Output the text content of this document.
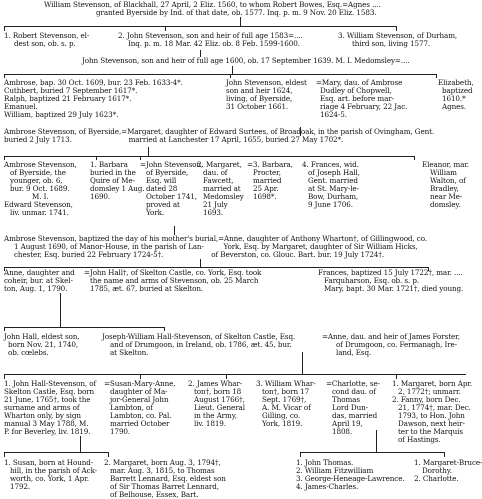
William Stevenson, of Blackhall, 27 April, 2 Eliz. 1560, to whom Robert Bowes, Esq.=Agnes ....
granted Byerside by Ind. of that date, ob. 1577. Inq. p. m. 9 Nov. 20 Eliz. 1583.
1. Robert Stevenson, el-
dest son, ob. s. p.
2. John Stevenson, son and heir of full age 1583=....
Inq. p. m. 18 Mar. 42 Eliz. ob. 8 Feb. 1599-1600.
3. William Stevenson, of Durham,
third son, living 1577.
John Stevenson, son and heir of full age 1600, ob. 17 September 1639. M. I. Medomsley=....
Ambrose, bap. 30 Oct. 1609, bur. 23 Feb. 1633-4*.
Cuthbert, buried 7 September 1617*.
Ralph, baptized 21 February 1617*.
Emanuel.
William, baptized 29 July 1623*.
John Stevenson, eldest
son and heir 1624,
living, of Byerside,
31 October 1661.
=Mary, dau. of Ambrose
Dudley of Chopwell,
Esq. art. before mar-
riage 4 February, 22 Jac.
1624-5.
Elizabeth,
baptized
1610.*
Agnes.
Ambrose Stevenson, of Byerside,=Margaret, daughter of Edward Surtees, of Broadoak, in the parish of Ovingham, Gent.
buried 2 July 1713.                          married at Lanchester 17 April, 1655, buried 27 May 1702*.
Ambrose Stevenson,
of Byerside, the
younger, ob. 6,
bur. 9 Oct. 1689.
M. I.
Edward Stevenson,
liv. unmar. 1741.
1. Barbara
buried in the
Quire of Me-
domsley 1 Aug.
1690.
=John Stevenson,
of Byerside,
Esq. will
dated 28
October 1741,
proved at
York.
2. Margaret,
dau. of
Fawcett,
married at
Medomsley
21 July
1693.
=3. Barbara,
Procter,
married
25 Apr.
1698*.
4. Frances, wid.
of Joseph Hall,
Gent. married
at St. Mary-le-
Bow, Durham,
9 June 1706.
Eleanor, mar.
William
Walton, of
Bradley,
near Me-
domsley.
Ambrose Stevenson, baptized the day of his mother's burial,=Anne, daughter of Anthony Wharton†, of Gillingwood, co.
1 August 1690, of Manor-House, in the parish of Lan-         York, Esq. by Margaret, daughter of Sir William Hicks,
chester, Esq. buried 22 February 1724-5†.                      of Beverston, co. Glouc. Bart. bur. 19 July 1724†.
Anne, daughter and
coheir, bur. at Skel-
ton, Aug. 1, 1790.
=John Hall†, of Skelton Castle, co. York, Esq. took
the name and arms of Stevenson, ob. 25 March
1785, æt. 67, buried at Skelton.
Frances, baptized 15 July 1722†, mar. ....
Farquharson, Esq. ob. s. p.
Mary, bapt. 30 Mar. 1721†, died young.
John Hall, eldest son,
born Nov. 21, 1740,
ob. cœlebs.
Joseph-William Hall-Stevenson, of Skelton Castle, Esq.
and of Drumgoon, in Ireland, ob. 1786, æt. 45, bur.
at Skelton.
=Anne, dau. and heir of James Forster,
of Drumgoon, co. Fermanagh, Ire-
land, Esq.
1. John Hall-Stevenson, of
Skelton Castle, Esq. born
21 June, 1765†, took the
surname and arms of
Wharton only, by sign
manual 3 May 1788, M.
P. for Beverley, liv. 1819.
=Susan-Mary-Anne,
daughter of Ma-
jor-General John
Lambton, of
Lambton, co. Pal.
married October
1790.
2. James Whar-
ton†, born 18
August 1766†,
Lieut. General
in the Army,
liv. 1819.
3. William Whar-
ton†, born 17
Sept. 1769†,
A. M. Vicar of
Gilling, co.
York, 1819.
=Charlotte, se-
cond dau. of
Thomas
Lord Dun-
das, married
April 19,
1808.
1. Margaret, born Apr.
2, 1772†; unmarr.
2. Fanny, born Dec.
21, 1774†, mar. Dec.
1793, to Hon. John
Dawson, next heir-
ter to the Marquis
of Hastings.
1. Susan, born at Hound-
hill, in the parish of Ack-
worth, co. York, 1 Apr.
1792.
2. Margaret, born Aug. 3, 1794†,
mar. Aug. 3, 1815, to Thomas
Barrett Lennard, Esq. eldest son
of Sir Thomas Barret Lennard,
of Belhouse, Essex, Bart.
1. John Thomas.
2. William Fitzwilliam
3. George-Heneage-Lawrence.
4. James-Charles.
1. Margaret-Bruce-
Dorothy.
2. Charlotte.
